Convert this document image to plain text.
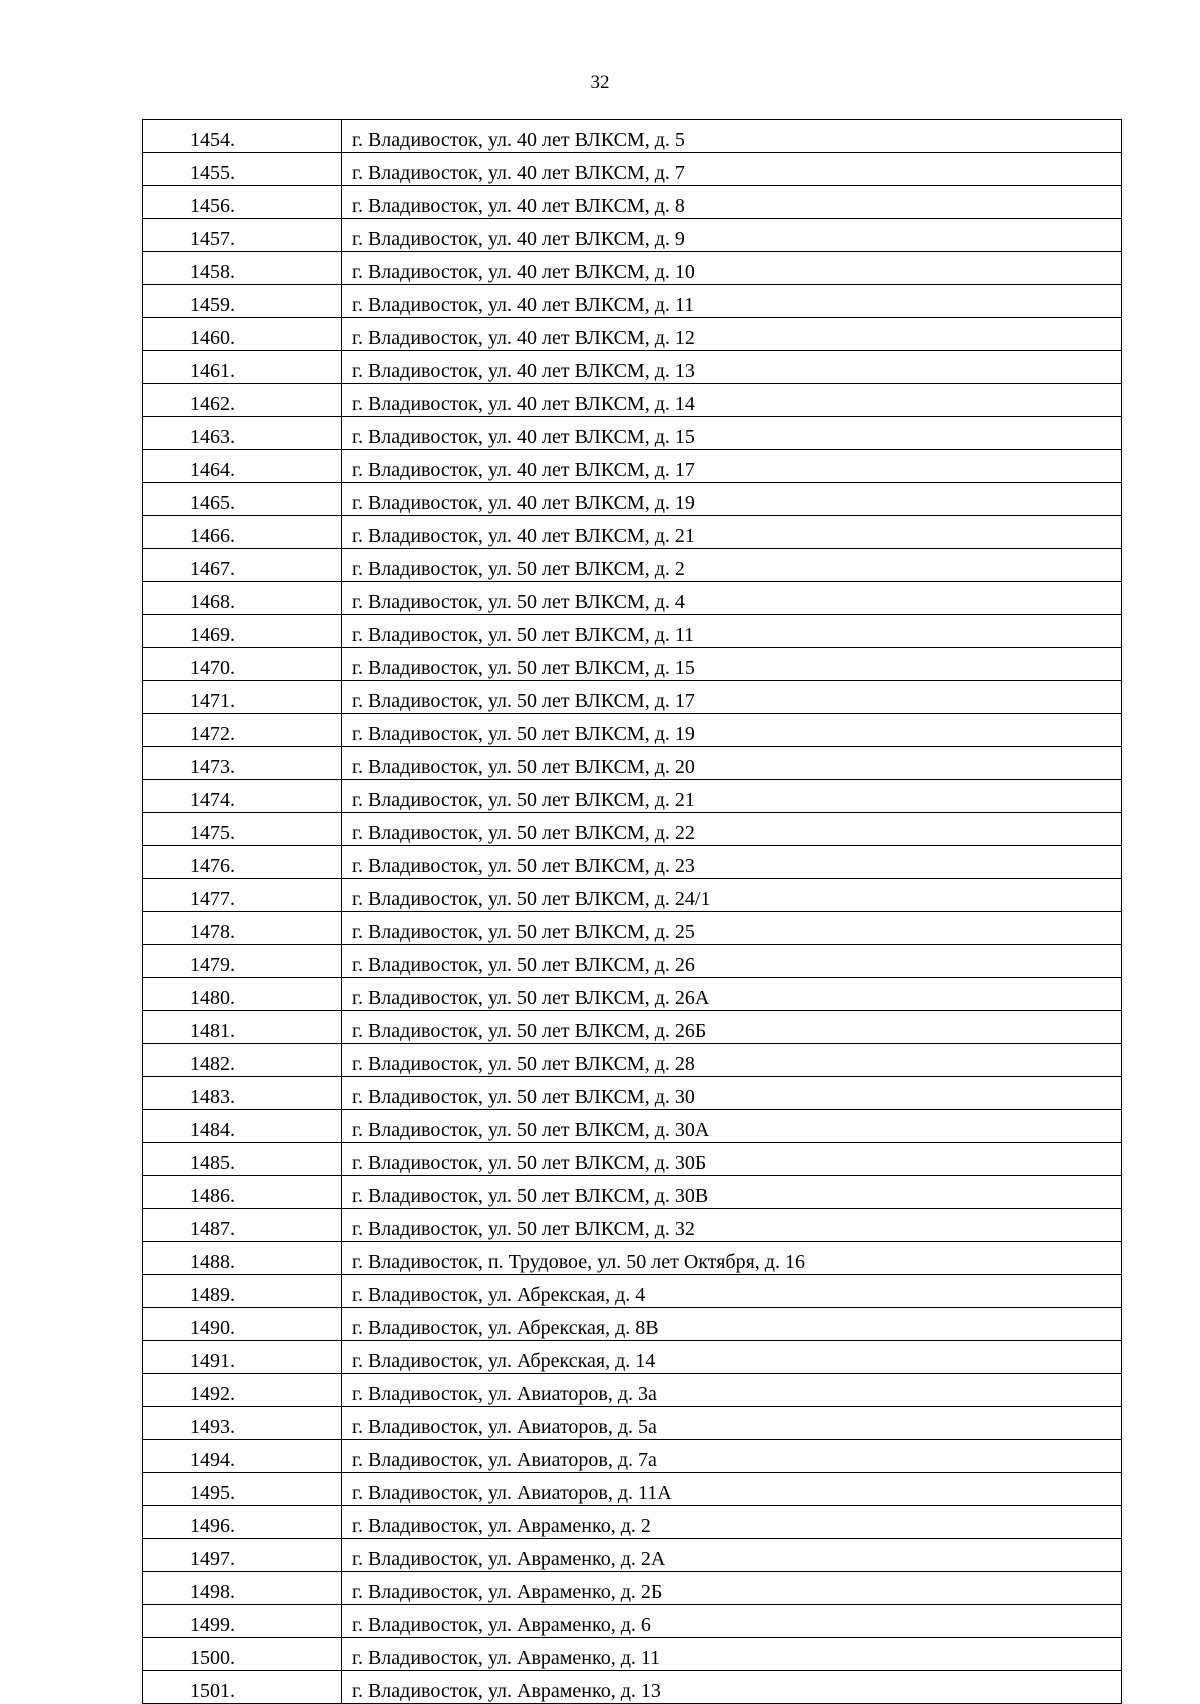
32
1454.	г. Владивосток, ул. 40 лет ВЛКСМ, д. 5
1455.	г. Владивосток, ул. 40 лет ВЛКСМ, д. 7
1456.	г. Владивосток, ул. 40 лет ВЛКСМ, д. 8
1457.	г. Владивосток, ул. 40 лет ВЛКСМ, д. 9
1458.	г. Владивосток, ул. 40 лет ВЛКСМ, д. 10
1459.	г. Владивосток, ул. 40 лет ВЛКСМ, д. 11
1460.	г. Владивосток, ул. 40 лет ВЛКСМ, д. 12
1461.	г. Владивосток, ул. 40 лет ВЛКСМ, д. 13
1462.	г. Владивосток, ул. 40 лет ВЛКСМ, д. 14
1463.	г. Владивосток, ул. 40 лет ВЛКСМ, д. 15
1464.	г. Владивосток, ул. 40 лет ВЛКСМ, д. 17
1465.	г. Владивосток, ул. 40 лет ВЛКСМ, д. 19
1466.	г. Владивосток, ул. 40 лет ВЛКСМ, д. 21
1467.	г. Владивосток, ул. 50 лет ВЛКСМ, д. 2
1468.	г. Владивосток, ул. 50 лет ВЛКСМ, д. 4
1469.	г. Владивосток, ул. 50 лет ВЛКСМ, д. 11
1470.	г. Владивосток, ул. 50 лет ВЛКСМ, д. 15
1471.	г. Владивосток, ул. 50 лет ВЛКСМ, д. 17
1472.	г. Владивосток, ул. 50 лет ВЛКСМ, д. 19
1473.	г. Владивосток, ул. 50 лет ВЛКСМ, д. 20
1474.	г. Владивосток, ул. 50 лет ВЛКСМ, д. 21
1475.	г. Владивосток, ул. 50 лет ВЛКСМ, д. 22
1476.	г. Владивосток, ул. 50 лет ВЛКСМ, д. 23
1477.	г. Владивосток, ул. 50 лет ВЛКСМ, д. 24/1
1478.	г. Владивосток, ул. 50 лет ВЛКСМ, д. 25
1479.	г. Владивосток, ул. 50 лет ВЛКСМ, д. 26
1480.	г. Владивосток, ул. 50 лет ВЛКСМ, д. 26А
1481.	г. Владивосток, ул. 50 лет ВЛКСМ, д. 26Б
1482.	г. Владивосток, ул. 50 лет ВЛКСМ, д. 28
1483.	г. Владивосток, ул. 50 лет ВЛКСМ, д. 30
1484.	г. Владивосток, ул. 50 лет ВЛКСМ, д. 30А
1485.	г. Владивосток, ул. 50 лет ВЛКСМ, д. 30Б
1486.	г. Владивосток, ул. 50 лет ВЛКСМ, д. 30В
1487.	г. Владивосток, ул. 50 лет ВЛКСМ, д. 32
1488.	г. Владивосток, п. Трудовое, ул. 50 лет Октября, д. 16
1489.	г. Владивосток, ул. Абрекская, д. 4
1490.	г. Владивосток, ул. Абрекская, д. 8В
1491.	г. Владивосток, ул. Абрекская, д. 14
1492.	г. Владивосток, ул. Авиаторов, д. 3а
1493.	г. Владивосток, ул. Авиаторов, д. 5а
1494.	г. Владивосток, ул. Авиаторов, д. 7а
1495.	г. Владивосток, ул. Авиаторов, д. 11А
1496.	г. Владивосток, ул. Авраменко, д. 2
1497.	г. Владивосток, ул. Авраменко, д. 2А
1498.	г. Владивосток, ул. Авраменко, д. 2Б
1499.	г. Владивосток, ул. Авраменко, д. 6
1500.	г. Владивосток, ул. Авраменко, д. 11
1501.	г. Владивосток, ул. Авраменко, д. 13
